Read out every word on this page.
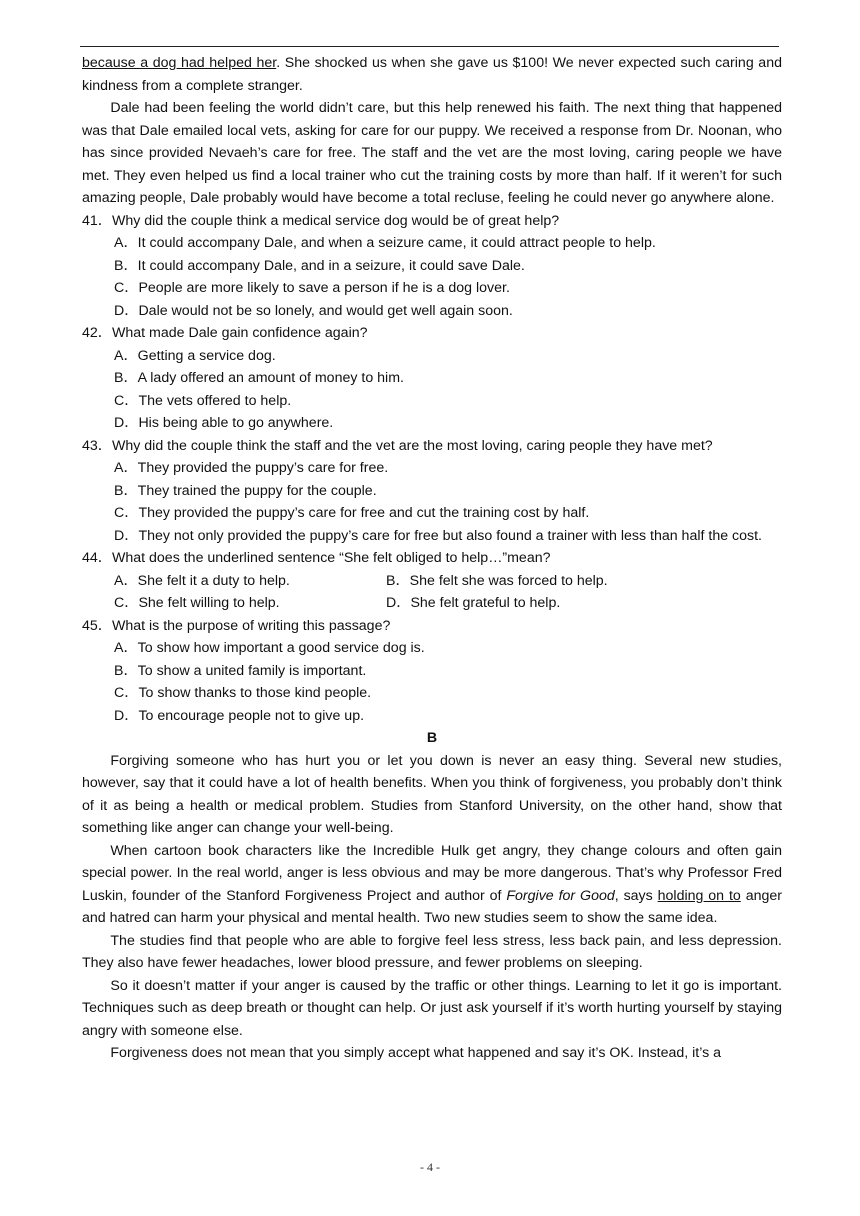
because a dog had helped her. She shocked us when she gave us $100! We never expected such caring and kindness from a complete stranger.

Dale had been feeling the world didn’t care, but this help renewed his faith. The next thing that happened was that Dale emailed local vets, asking for care for our puppy. We received a response from Dr. Noonan, who has since provided Nevaeh’s care for free. The staff and the vet are the most loving, caring people we have met. They even helped us find a local trainer who cut the training costs by more than half. If it weren’t for such amazing people, Dale probably would have become a total recluse, feeling he could never go anywhere alone.

41．Why did the couple think a medical service dog would be of great help?

A．It could accompany Dale, and when a seizure came, it could attract people to help.

B．It could accompany Dale, and in a seizure, it could save Dale.

C．People are more likely to save a person if he is a dog lover.

D．Dale would not be so lonely, and would get well again soon.

42．What made Dale gain confidence again?

A．Getting a service dog.

B．A lady offered an amount of money to him.

C．The vets offered to help.

D．His being able to go anywhere.

43．Why did the couple think the staff and the vet are the most loving, caring people they have met?

A．They provided the puppy’s care for free.

B．They trained the puppy for the couple.

C．They provided the puppy’s care for free and cut the training cost by half.

D．They not only provided the puppy’s care for free but also found a trainer with less than half the cost.

44．What does the underlined sentence “She felt obliged to help…”mean?

A．She felt it a duty to help.	B．She felt she was forced to help.
C．She felt willing to help.	D．She felt grateful to help.

45．What is the purpose of writing this passage?

A．To show how important a good service dog is.

B．To show a united family is important.

C．To show thanks to those kind people.

D．To encourage people not to give up.

B

Forgiving someone who has hurt you or let you down is never an easy thing. Several new studies, however, say that it could have a lot of health benefits. When you think of forgiveness, you probably don’t think of it as being a health or medical problem. Studies from Stanford University, on the other hand, show that something like anger can change your well-being.

When cartoon book characters like the Incredible Hulk get angry, they change colours and often gain special power. In the real world, anger is less obvious and may be more dangerous. That’s why Professor Fred Luskin, founder of the Stanford Forgiveness Project and author of Forgive for Good, says holding on to anger and hatred can harm your physical and mental health. Two new studies seem to show the same idea.

The studies find that people who are able to forgive feel less stress, less back pain, and less depression. They also have fewer headaches, lower blood pressure, and fewer problems on sleeping.

So it doesn’t matter if your anger is caused by the traffic or other things. Learning to let it go is important. Techniques such as deep breath or thought can help. Or just ask yourself if it’s worth hurting yourself by staying angry with someone else.

Forgiveness does not mean that you simply accept what happened and say it’s OK. Instead, it’s a

- 4 -
